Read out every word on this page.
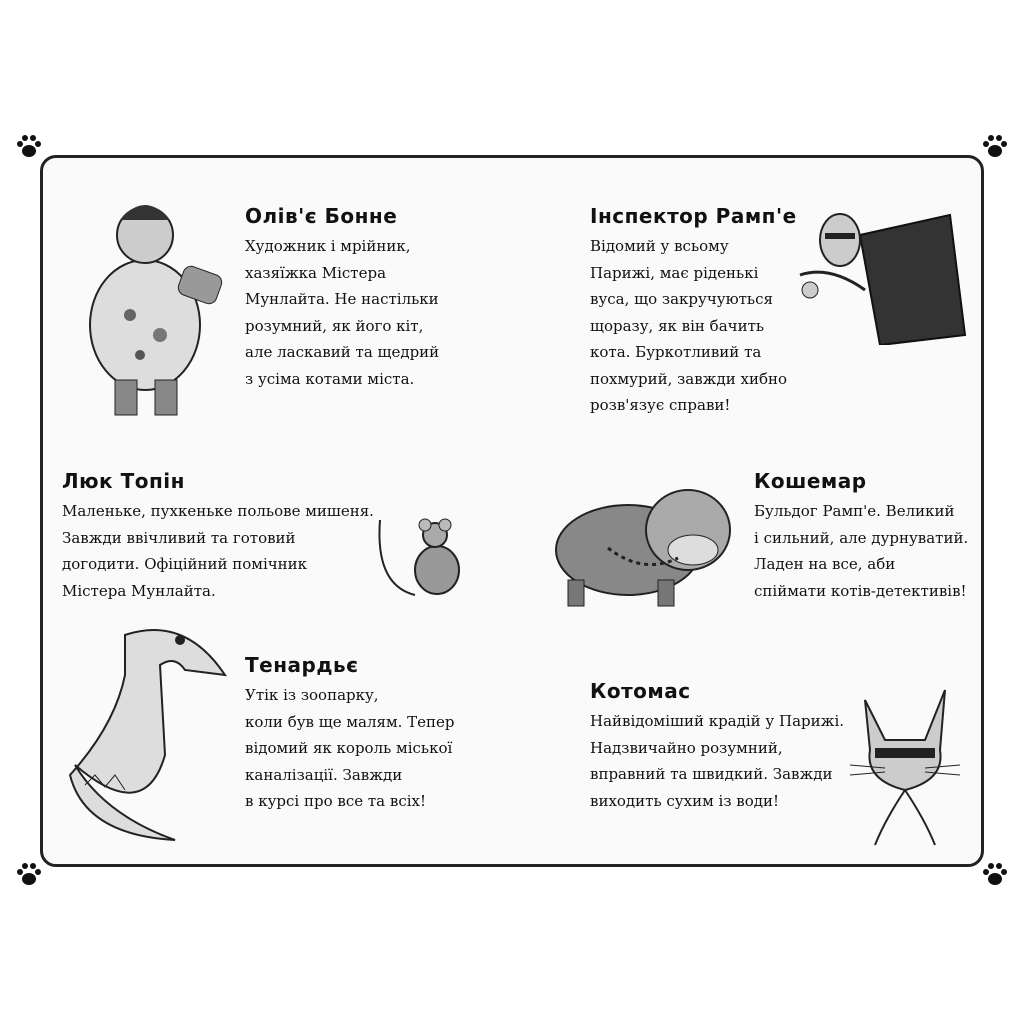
Олів'є Бонне
Художник і мрійник,
хазяїжка Містера
Мунлайта. Не настільки
розумний, як його кіт,
але ласкавий та щедрий
з усіма котами міста.
Інспектор Рамп'е
Відомий у всьому
Парижі, має ріденькі
вуса, що закручуються
щоразу, як він бачить
кота. Буркотливий та
похмурий, завжди хибно
розв'язує справи!
Люк Топін
Маленьке, пухкеньке польове мишеня.
Завжди ввічливий та готовий
догодити. Офіційний помічник
Містера Мунлайта.
Кошемар
Бульдог Рамп'е. Великий
і сильний, але дурнуватий.
Ладен на все, аби
спіймати котів-детективів!
Тенардьє
Утік із зоопарку,
коли був ще малям. Тепер
відомий як король міської
каналізації. Завжди
в курсі про все та всіх!
Котомас
Найвідоміший крадій у Парижі.
Надзвичайно розумний,
вправний та швидкий. Завжди
виходить сухим із води!
